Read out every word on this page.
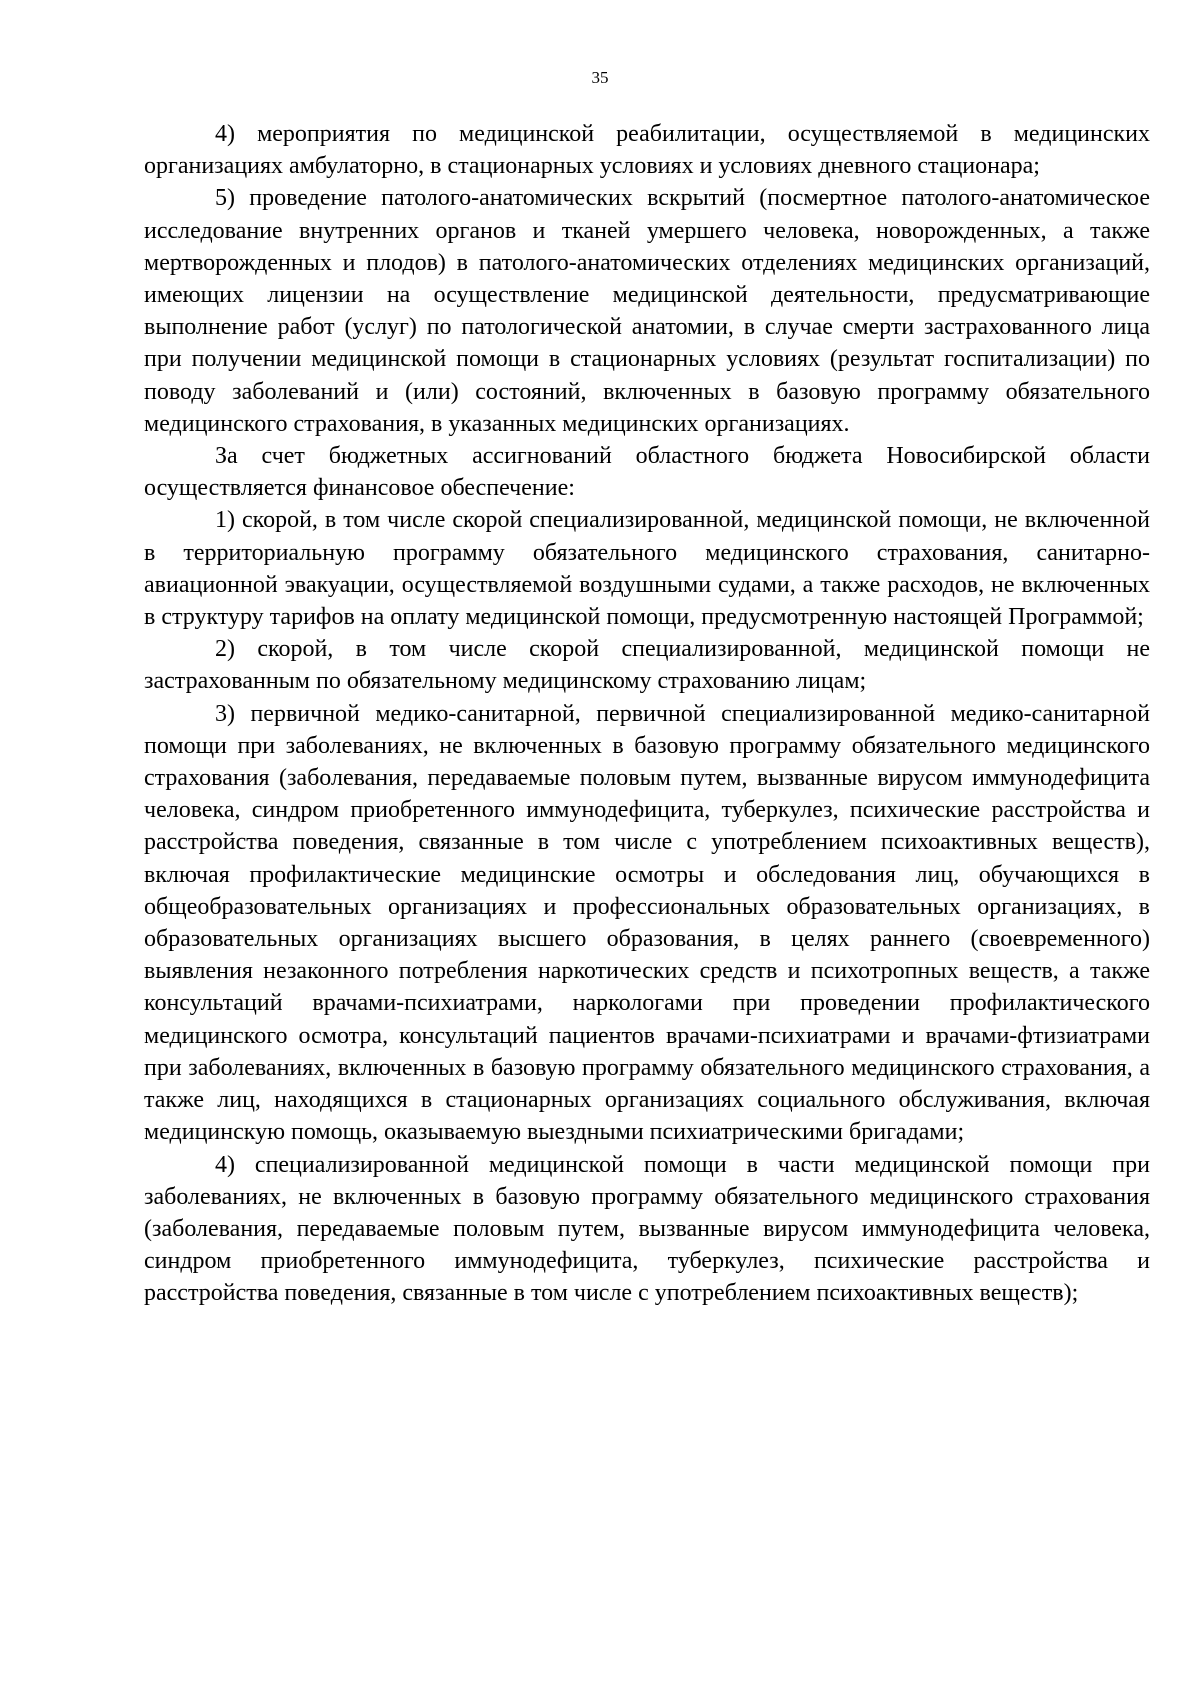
35

4) мероприятия по медицинской реабилитации, осуществляемой в медицинских организациях амбулаторно, в стационарных условиях и условиях дневного стационара;

5) проведение патолого-анатомических вскрытий (посмертное патолого-анатомическое исследование внутренних органов и тканей умершего человека, новорожденных, а также мертворожденных и плодов) в патолого-анатомических отделениях медицинских организаций, имеющих лицензии на осуществление медицинской деятельности, предусматривающие выполнение работ (услуг) по патологической анатомии, в случае смерти застрахованного лица при получении медицинской помощи в стационарных условиях (результат госпитализации) по поводу заболеваний и (или) состояний, включенных в базовую программу обязательного медицинского страхования, в указанных медицинских организациях.

За счет бюджетных ассигнований областного бюджета Новосибирской области осуществляется финансовое обеспечение:

1) скорой, в том числе скорой специализированной, медицинской помощи, не включенной в территориальную программу обязательного медицинского страхования, санитарно-авиационной эвакуации, осуществляемой воздушными судами, а также расходов, не включенных в структуру тарифов на оплату медицинской помощи, предусмотренную настоящей Программой;

2) скорой, в том числе скорой специализированной, медицинской помощи не застрахованным по обязательному медицинскому страхованию лицам;

3) первичной медико-санитарной, первичной специализированной медико-санитарной помощи при заболеваниях, не включенных в базовую программу обязательного медицинского страхования (заболевания, передаваемые половым путем, вызванные вирусом иммунодефицита человека, синдром приобретенного иммунодефицита, туберкулез, психические расстройства и расстройства поведения, связанные в том числе с употреблением психоактивных веществ), включая профилактические медицинские осмотры и обследования лиц, обучающихся в общеобразовательных организациях и профессиональных образовательных организациях, в образовательных организациях высшего образования, в целях раннего (своевременного) выявления незаконного потребления наркотических средств и психотропных веществ, а также консультаций врачами-психиатрами, наркологами при проведении профилактического медицинского осмотра, консультаций пациентов врачами-психиатрами и врачами-фтизиатрами при заболеваниях, включенных в базовую программу обязательного медицинского страхования, а также лиц, находящихся в стационарных организациях социального обслуживания, включая медицинскую помощь, оказываемую выездными психиатрическими бригадами;

4) специализированной медицинской помощи в части медицинской помощи при заболеваниях, не включенных в базовую программу обязательного медицинского страхования (заболевания, передаваемые половым путем, вызванные вирусом иммунодефицита человека, синдром приобретенного иммунодефицита, туберкулез, психические расстройства и расстройства поведения, связанные в том числе с употреблением психоактивных веществ);
